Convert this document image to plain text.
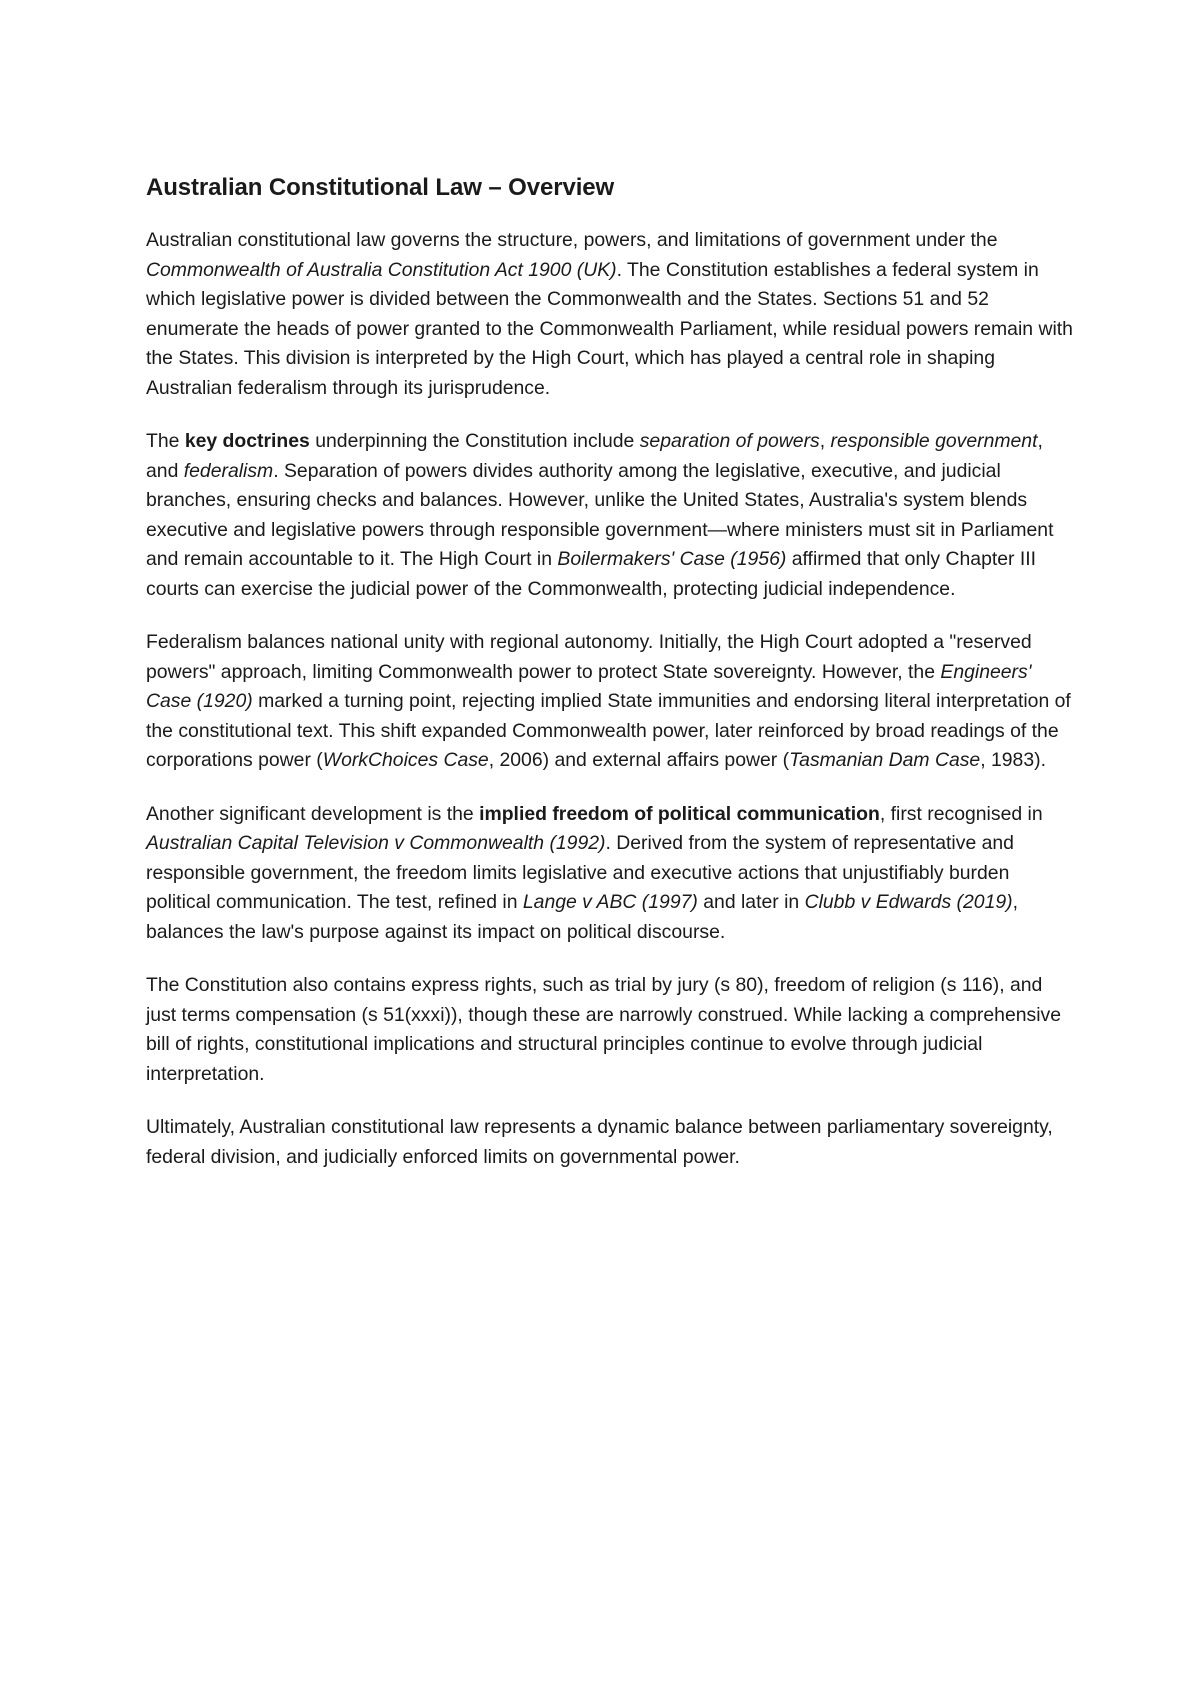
Australian Constitutional Law – Overview

Australian constitutional law governs the structure, powers, and limitations of government under the Commonwealth of Australia Constitution Act 1900 (UK). The Constitution establishes a federal system in which legislative power is divided between the Commonwealth and the States. Sections 51 and 52 enumerate the heads of power granted to the Commonwealth Parliament, while residual powers remain with the States. This division is interpreted by the High Court, which has played a central role in shaping Australian federalism through its jurisprudence.

The key doctrines underpinning the Constitution include separation of powers, responsible government, and federalism. Separation of powers divides authority among the legislative, executive, and judicial branches, ensuring checks and balances. However, unlike the United States, Australia's system blends executive and legislative powers through responsible government—where ministers must sit in Parliament and remain accountable to it. The High Court in Boilermakers' Case (1956) affirmed that only Chapter III courts can exercise the judicial power of the Commonwealth, protecting judicial independence.

Federalism balances national unity with regional autonomy. Initially, the High Court adopted a "reserved powers" approach, limiting Commonwealth power to protect State sovereignty. However, the Engineers' Case (1920) marked a turning point, rejecting implied State immunities and endorsing literal interpretation of the constitutional text. This shift expanded Commonwealth power, later reinforced by broad readings of the corporations power (WorkChoices Case, 2006) and external affairs power (Tasmanian Dam Case, 1983).

Another significant development is the implied freedom of political communication, first recognised in Australian Capital Television v Commonwealth (1992). Derived from the system of representative and responsible government, the freedom limits legislative and executive actions that unjustifiably burden political communication. The test, refined in Lange v ABC (1997) and later in Clubb v Edwards (2019), balances the law's purpose against its impact on political discourse.

The Constitution also contains express rights, such as trial by jury (s 80), freedom of religion (s 116), and just terms compensation (s 51(xxxi)), though these are narrowly construed. While lacking a comprehensive bill of rights, constitutional implications and structural principles continue to evolve through judicial interpretation.

Ultimately, Australian constitutional law represents a dynamic balance between parliamentary sovereignty, federal division, and judicially enforced limits on governmental power.
